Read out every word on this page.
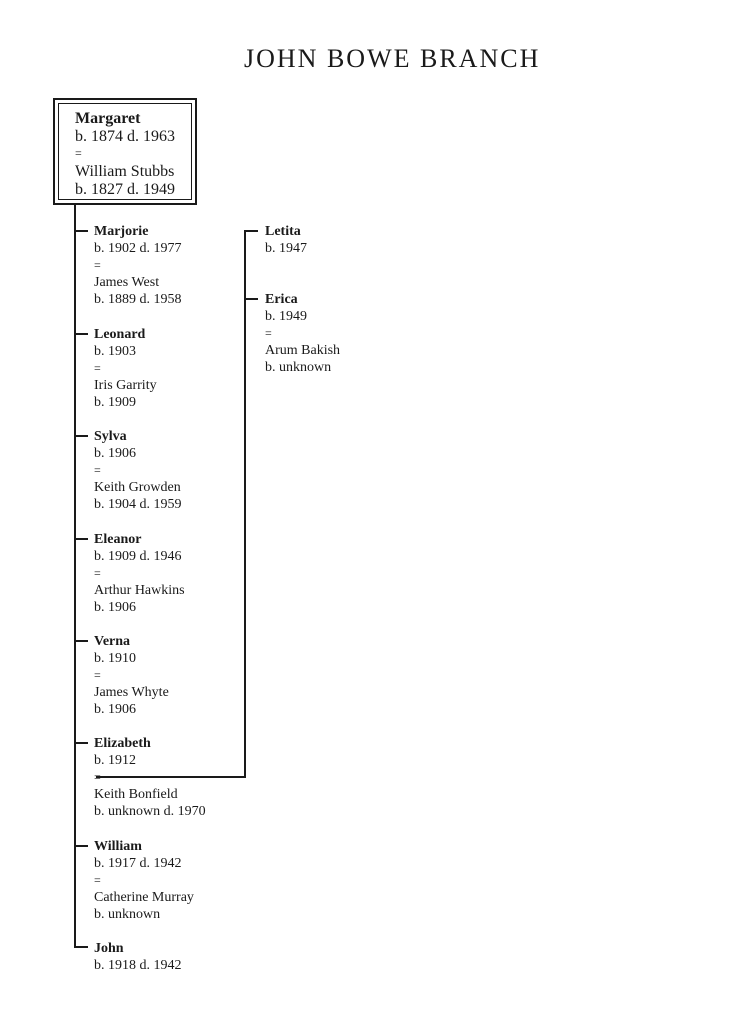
JOHN BOWE BRANCH
Margaret
b. 1874 d. 1963
=
William Stubbs
b. 1827 d. 1949
Marjorie
b. 1902 d. 1977
=
James West
b. 1889 d. 1958
Leonard
b. 1903
=
Iris Garrity
b. 1909
Sylva
b. 1906
=
Keith Growden
b. 1904 d. 1959
Eleanor
b. 1909 d. 1946
=
Arthur Hawkins
b. 1906
Verna
b. 1910
=
James Whyte
b. 1906
Elizabeth
b. 1912
=
Keith Bonfield
b. unknown d. 1970
William
b. 1917 d. 1942
=
Catherine Murray
b. unknown
John
b. 1918 d. 1942
Letita
b. 1947
Erica
b. 1949
=
Arum Bakish
b. unknown
